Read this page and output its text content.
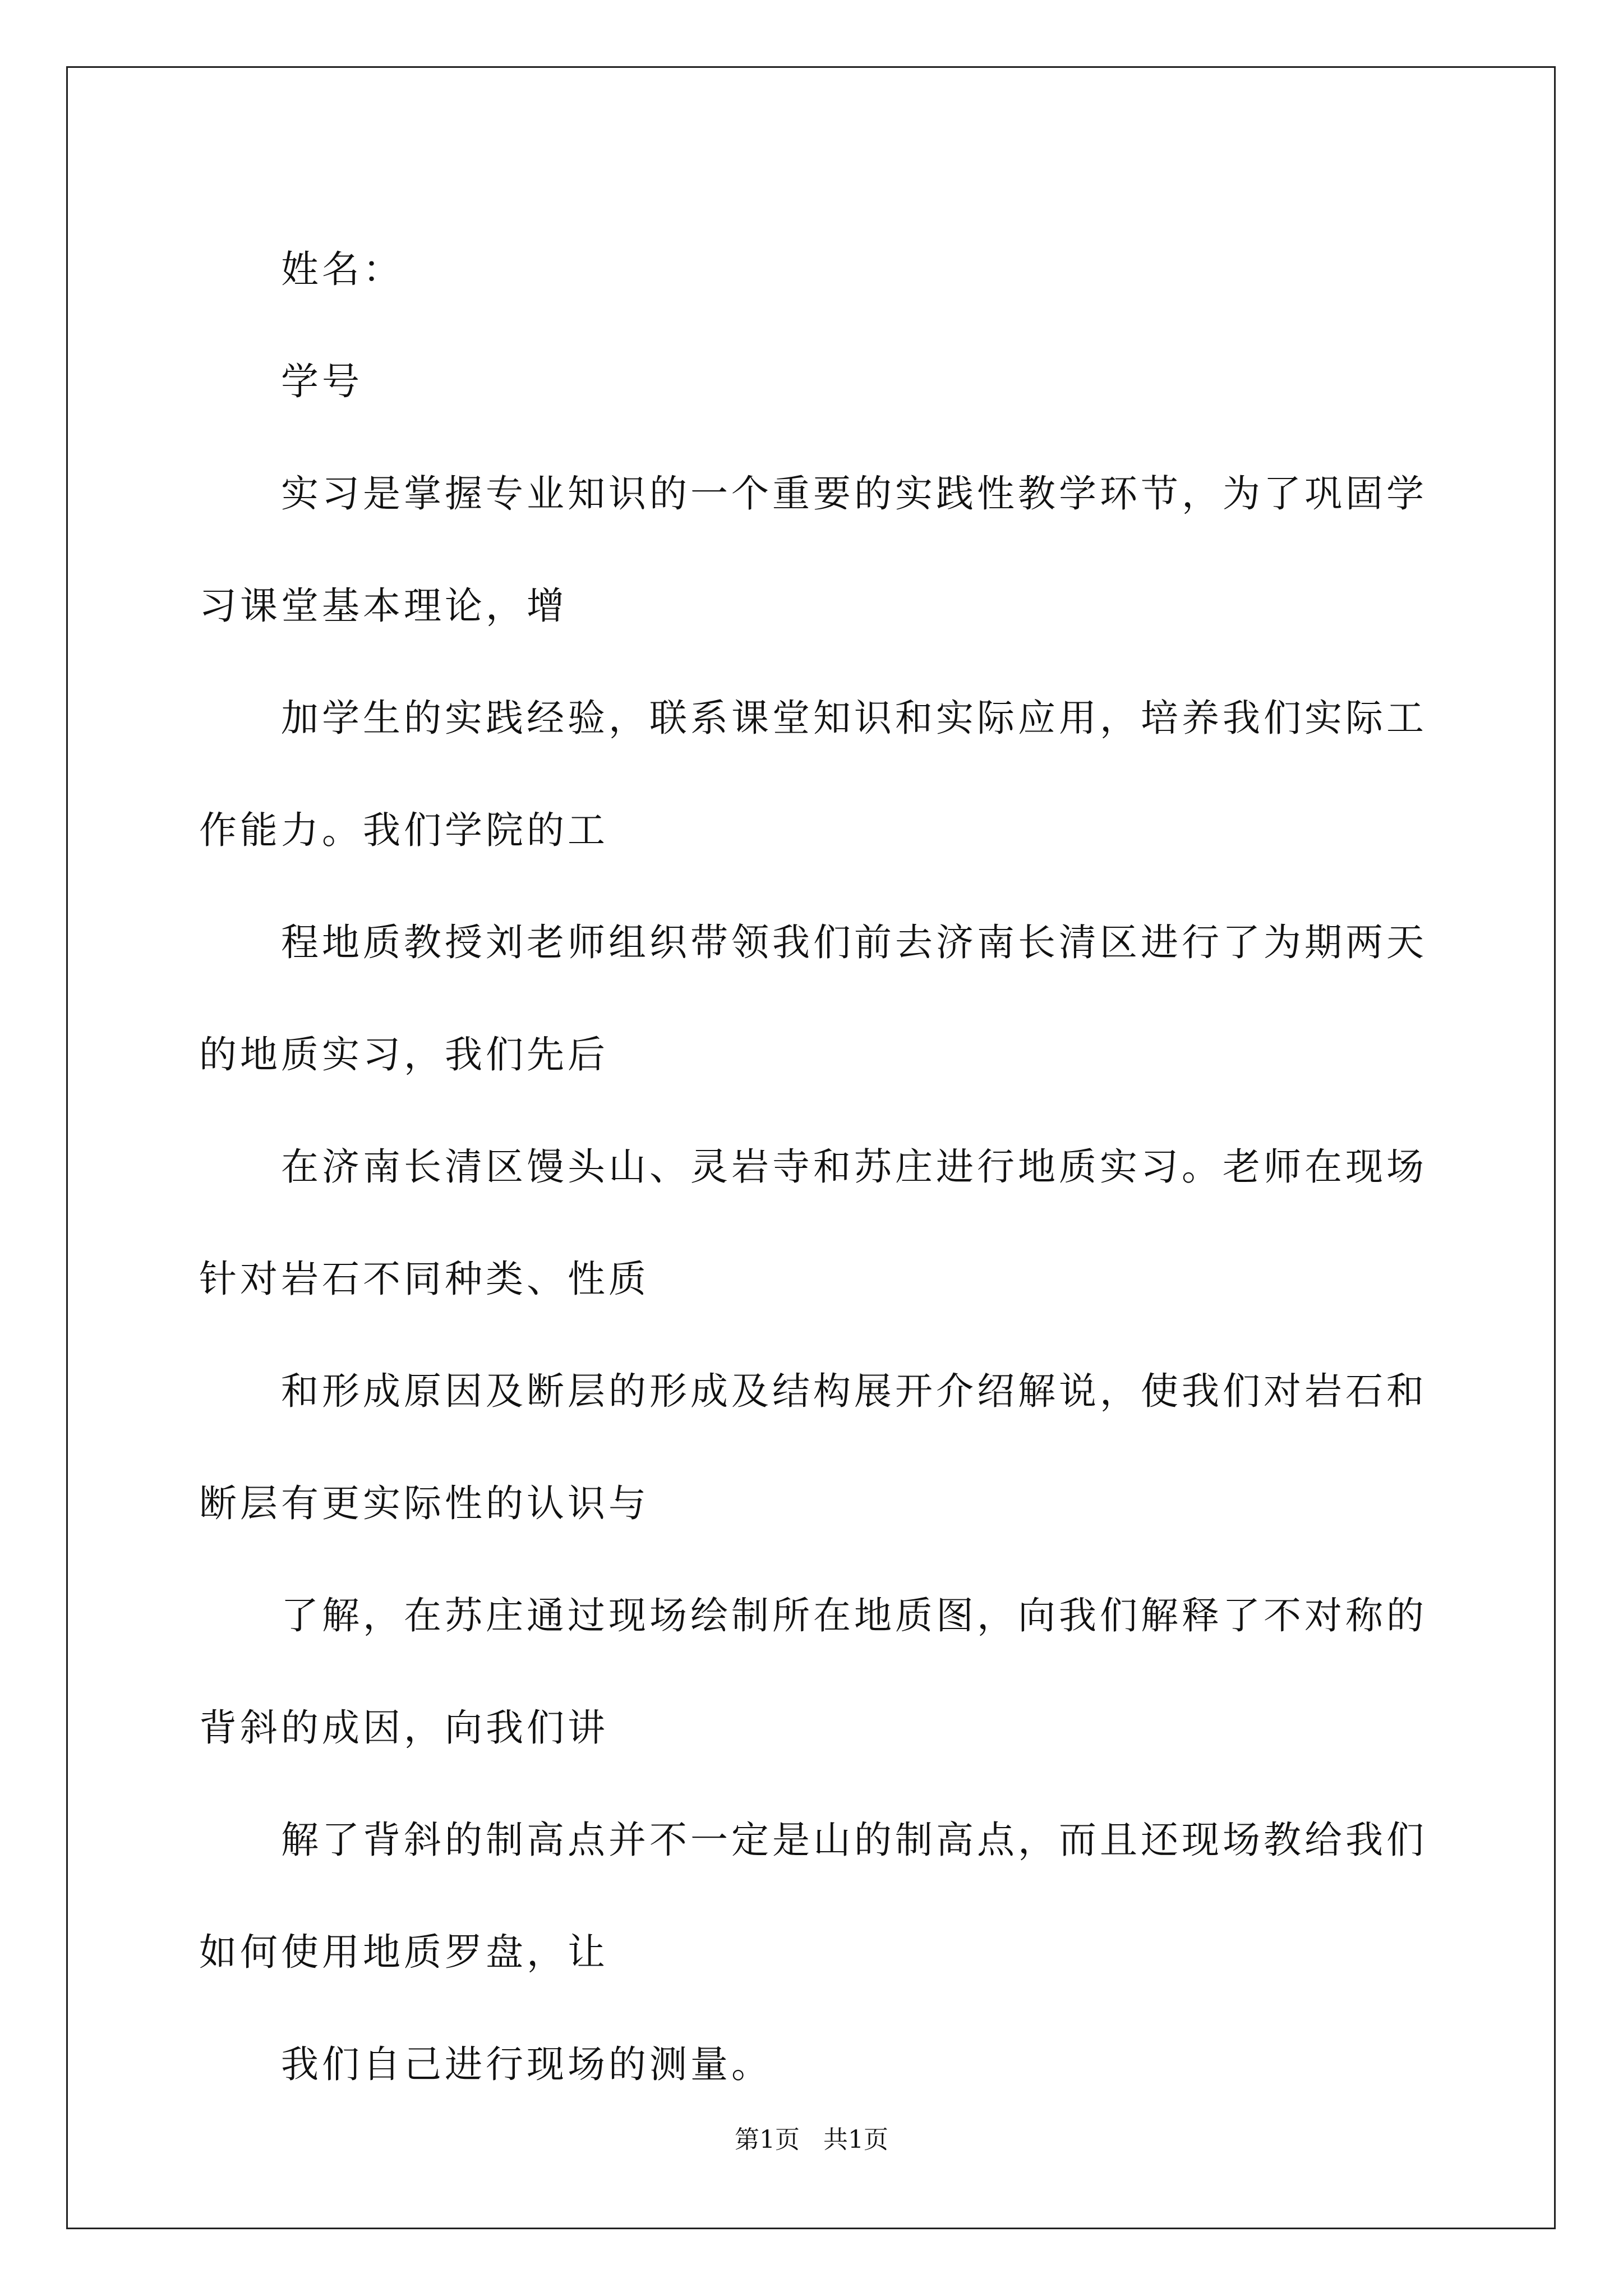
姓名：

学号

实习是掌握专业知识的一个重要的实践性教学环节，为了巩固学
习课堂基本理论，增

加学生的实践经验，联系课堂知识和实际应用，培养我们实际工
作能力。我们学院的工

程地质教授刘老师组织带领我们前去济南长清区进行了为期两天
的地质实习，我们先后

在济南长清区馒头山、灵岩寺和苏庄进行地质实习。老师在现场
针对岩石不同种类、性质

和形成原因及断层的形成及结构展开介绍解说，使我们对岩石和
断层有更实际性的认识与

了解，在苏庄通过现场绘制所在地质图，向我们解释了不对称的
背斜的成因，向我们讲

解了背斜的制高点并不一定是山的制高点，而且还现场教给我们
如何使用地质罗盘，让

我们自己进行现场的测量。

第1页 共1页
